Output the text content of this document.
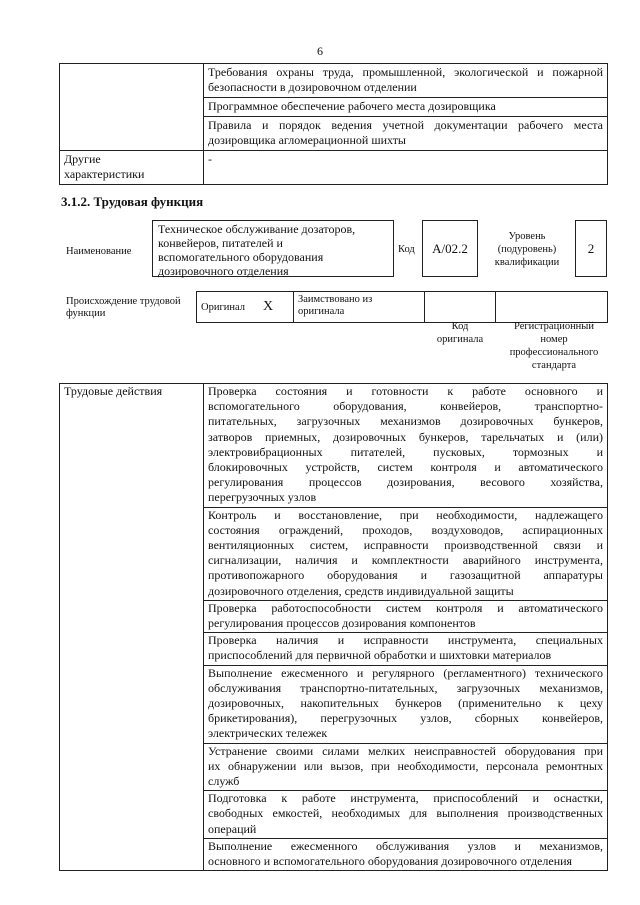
6

	Требования охраны труда, промышленной, экологической и пожарной
безопасности в дозировочном отделении

	Программное обеспечение рабочего места дозировщика

	Правила и порядок ведения учетной документации рабочего места
дозировщика агломерационной шихты

Другие
характеристики	-
3.1.2. Трудовая функция
Наименование
Техническое обслуживание дозаторов,
конвейеров, питателей и
вспомогательного оборудования
дозировочного отделения
Код	А/02.2
Уровень
(подуровень)
квалификации
2
Происхождение трудовой
функции
Оригинал X	Заимствовано из
оригинала

Код
оригинала
Регистрационный
номер
профессионального
стандарта
Трудовые действия	Проверка состояния и готовности к работе основного и
вспомогательного оборудования, конвейеров, транспортно-
питательных, загрузочных механизмов дозировочных бункеров,
затворов приемных, дозировочных бункеров, тарельчатых и (или)
электровибрационных питателей, пусковых, тормозных и
блокировочных устройств, систем контроля и автоматического
регулирования процессов дозирования, весового хозяйства,
перегрузочных узлов

Контроль и восстановление, при необходимости, надлежащего
состояния ограждений, проходов, воздуховодов, аспирационных
вентиляционных систем, исправности производственной связи и
сигнализации, наличия и комплектности аварийного инструмента,
противопожарного оборудования и газозащитной аппаратуры
дозировочного отделения, средств индивидуальной защиты

Проверка работоспособности систем контроля и автоматического
регулирования процессов дозирования компонентов

Проверка наличия и исправности инструмента, специальных
приспособлений для первичной обработки и шихтовки материалов

Выполнение ежесменного и регулярного (регламентного) технического
обслуживания транспортно-питательных, загрузочных механизмов,
дозировочных, накопительных бункеров (применительно к цеху
брикетирования), перегрузочных узлов, сборных конвейеров,
электрических тележек

Устранение своими силами мелких неисправностей оборудования при
их обнаружении или вызов, при необходимости, персонала ремонтных
служб

Подготовка к работе инструмента, приспособлений и оснастки,
свободных емкостей, необходимых для выполнения производственных
операций

Выполнение ежесменного обслуживания узлов и механизмов,
основного и вспомогательного оборудования дозировочного отделения
